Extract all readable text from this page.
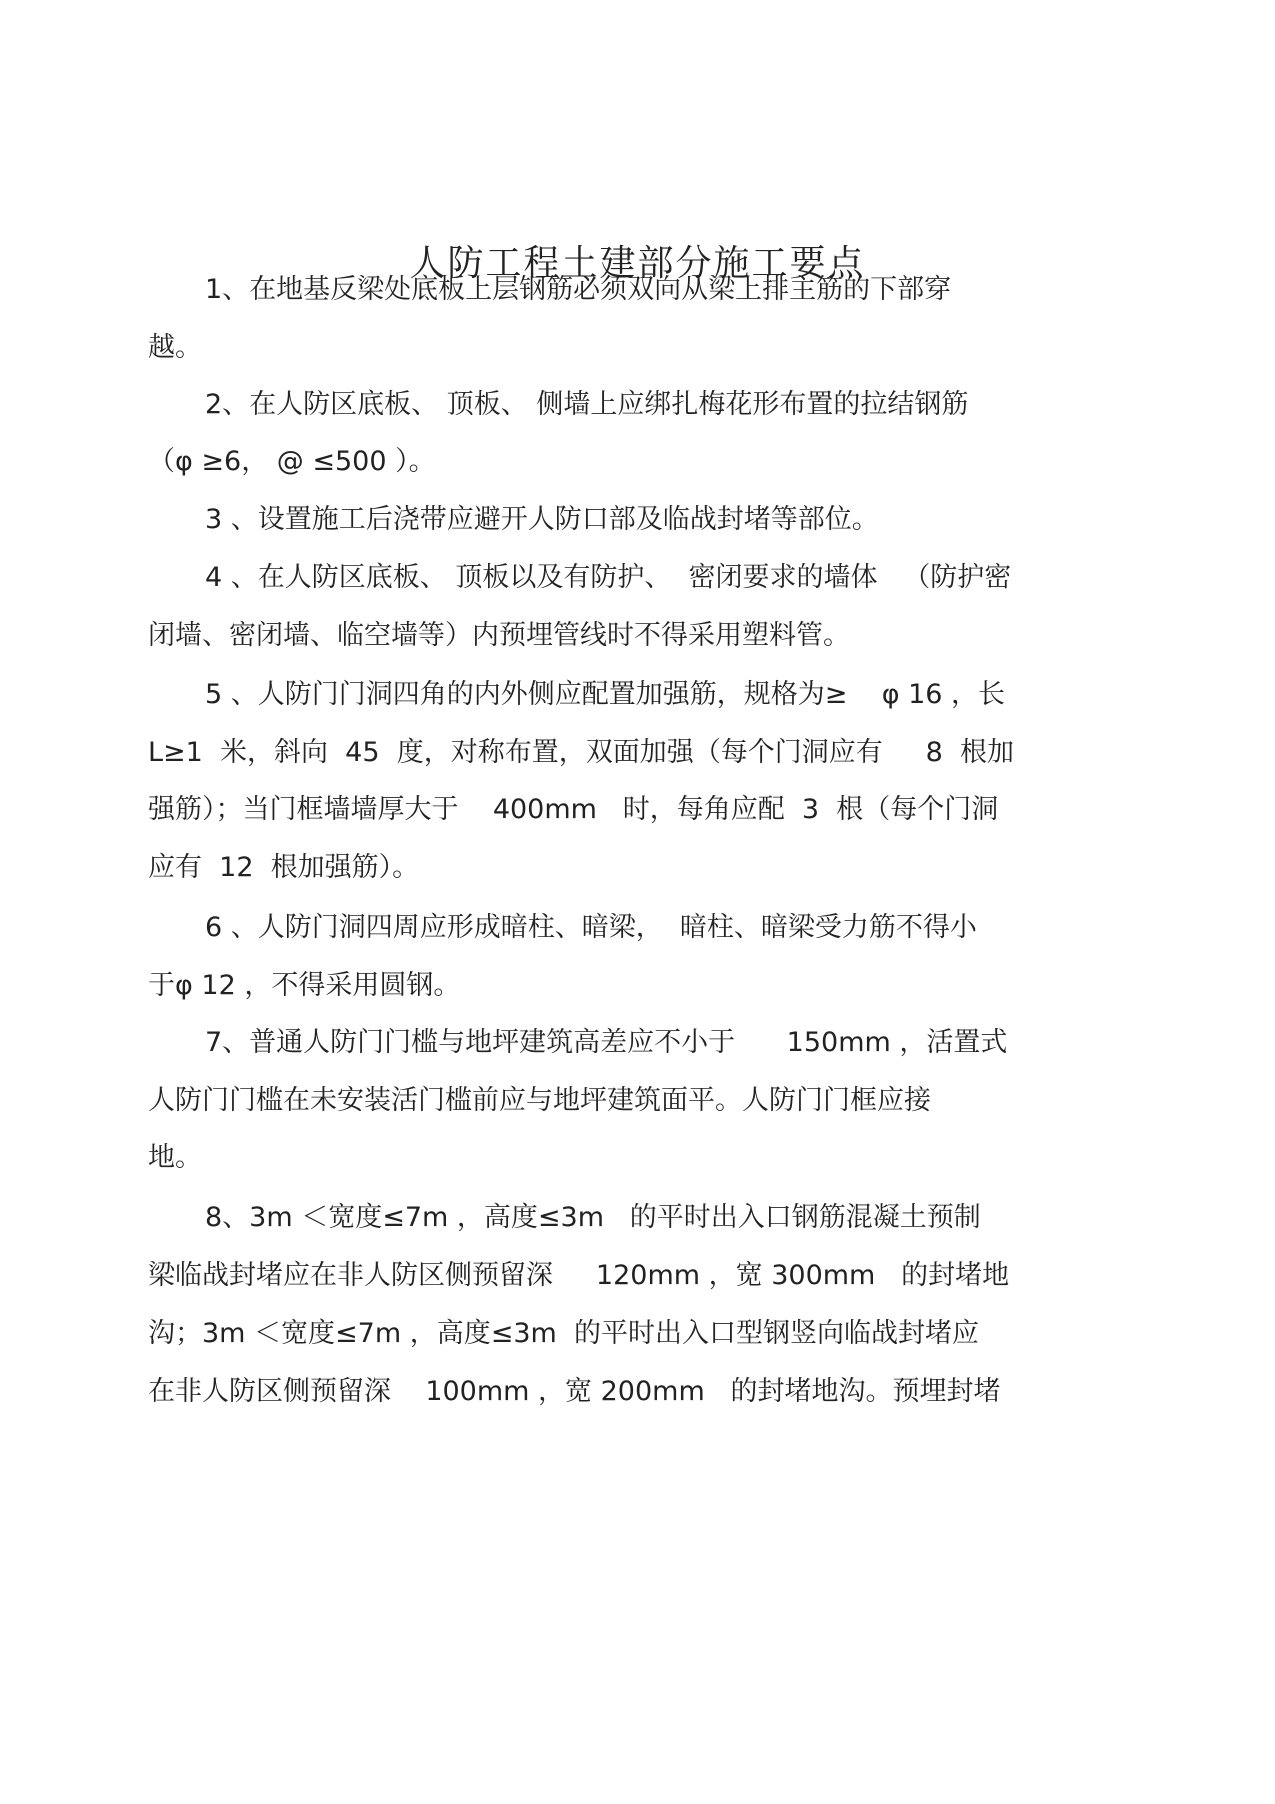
人防工程土建部分施工要点
1、在地基反梁处底板上层钢筋必须双向从梁上排主筋的下部穿
越。
2、在人防区底板、 顶板、 侧墙上应绑扎梅花形布置的拉结钢筋
（φ ≥6， @ ≤500 ）。
3 、设置施工后浇带应避开人防口部及临战封堵等部位。
4 、在人防区底板、 顶板以及有防护、  密闭要求的墙体   （防护密
闭墙、密闭墙、临空墙等）内预埋管线时不得采用塑料管。
5 、人防门门洞四角的内外侧应配置加强筋，规格为≥    φ 16 ，长
L≥1  米，斜向  45  度，对称布置，双面加强（每个门洞应有     8  根加
强筋）；当门框墙墙厚大于    400mm   时，每角应配  3  根（每个门洞
应有  12  根加强筋）。
6 、人防门洞四周应形成暗柱、暗梁，  暗柱、暗梁受力筋不得小
于φ 12 ，不得采用圆钢。
7、普通人防门门槛与地坪建筑高差应不小于      150mm ，活置式
人防门门槛在未安装活门槛前应与地坪建筑面平。人防门门框应接
地。
8、3m ＜宽度≤7m ，高度≤3m   的平时出入口钢筋混凝土预制
梁临战封堵应在非人防区侧预留深     120mm ，宽 300mm   的封堵地
沟；3m ＜宽度≤7m ，高度≤3m  的平时出入口型钢竖向临战封堵应
在非人防区侧预留深    100mm ，宽 200mm   的封堵地沟。预埋封堵
